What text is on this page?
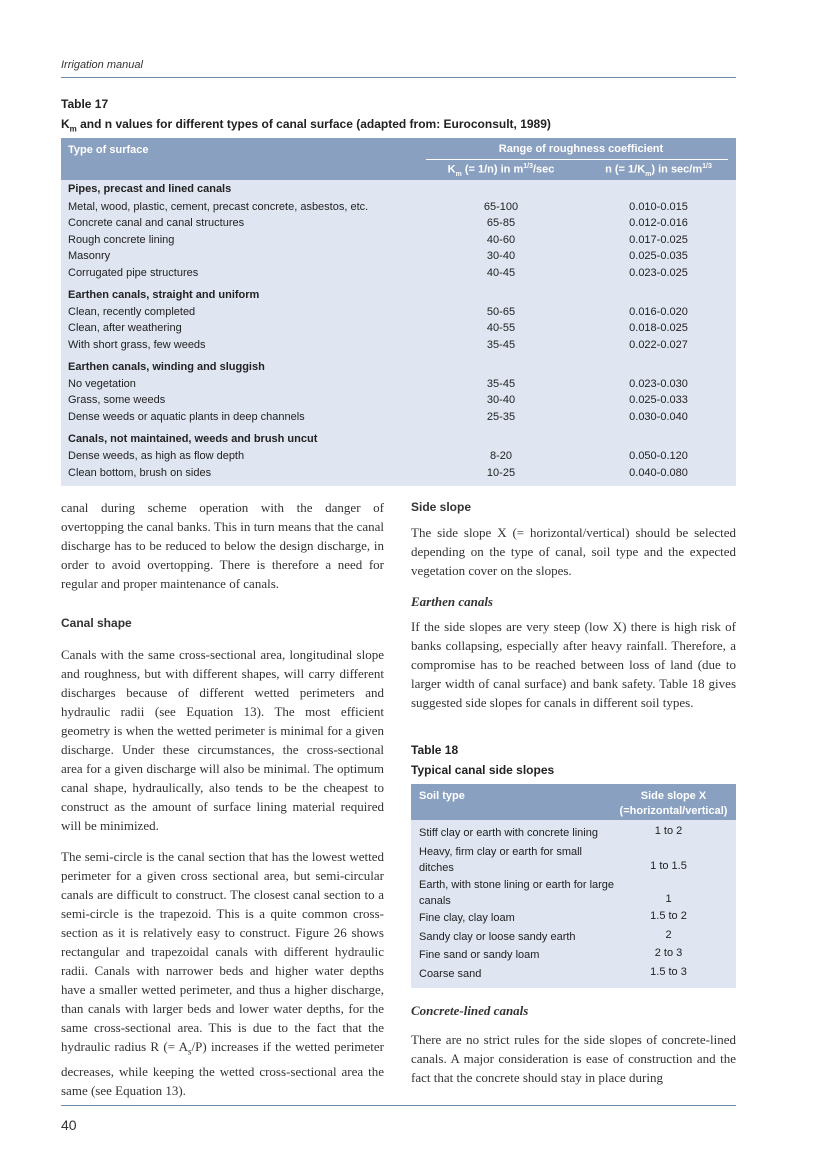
Irrigation manual
Table 17
$K_m$ and n values for different types of canal surface (adapted from: Euroconsult, 1989)
Type of surface	Range of roughness coefficient
$K_m$ (= 1/n) in $m^{1/3}/\sec$	n (= $1/K_m$) in $\sec/m^{1/3}$
Pipes, precast and lined canals
Metal, wood, plastic, cement, precast concrete, asbestos, etc.	65-100	0.010-0.015
Concrete canal and canal structures	65-85	0.012-0.016
Rough concrete lining	40-60	0.017-0.025
Masonry	30-40	0.025-0.035
Corrugated pipe structures	40-45	0.023-0.025
Earthen canals, straight and uniform
Clean, recently completed	50-65	0.016-0.020
Clean, after weathering	40-55	0.018-0.025
With short grass, few weeds	35-45	0.022-0.027
Earthen canals, winding and sluggish
No vegetation	35-45	0.023-0.030
Grass, some weeds	30-40	0.025-0.033
Dense weeds or aquatic plants in deep channels	25-35	0.030-0.040
Canals, not maintained, weeds and brush uncut
Dense weeds, as high as flow depth	8-20	0.050-0.120
Clean bottom, brush on sides	10-25	0.040-0.080

canal during scheme operation with the danger of overtopping the canal banks. This in turn means that the canal discharge has to be reduced to below the design discharge, in order to avoid overtopping. There is therefore a need for regular and proper maintenance of canals.

Canal shape

Canals with the same cross-sectional area, longitudinal slope and roughness, but with different shapes, will carry different discharges because of different wetted perimeters and hydraulic radii (see Equation 13). The most efficient geometry is when the wetted perimeter is minimal for a given discharge. Under these circumstances, the cross-sectional area for a given discharge will also be minimal. The optimum canal shape, hydraulically, also tends to be the cheapest to construct as the amount of surface lining material required will be minimized.

The semi-circle is the canal section that has the lowest wetted perimeter for a given cross sectional area, but semi-circular canals are difficult to construct. The closest canal section to a semi-circle is the trapezoid. This is a quite common cross-section as it is relatively easy to construct. Figure 26 shows rectangular and trapezoidal canals with different hydraulic radii. Canals with narrower beds and higher water depths have a smaller wetted perimeter, and thus a higher discharge, than canals with larger beds and lower water depths, for the same cross-sectional area. This is due to the fact that the hydraulic radius R (= $A_s/P$) increases if the wetted perimeter decreases, while keeping the wetted cross-sectional area the same (see Equation 13).

Side slope

The side slope X (= horizontal/vertical) should be selected depending on the type of canal, soil type and the expected vegetation cover on the slopes.

Earthen canals

If the side slopes are very steep (low X) there is high risk of banks collapsing, especially after heavy rainfall. Therefore, a compromise has to be reached between loss of land (due to larger width of canal surface) and bank safety. Table 18 gives suggested side slopes for canals in different soil types.

Table 18
Typical canal side slopes
Soil type	Side slope X
(=horizontal/vertical)
Stiff clay or earth with concrete lining	1 to 2
Heavy, firm clay or earth for small ditches	1 to 1.5
Earth, with stone lining or earth for large canals	1
Fine clay, clay loam	1.5 to 2
Sandy clay or loose sandy earth	2
Fine sand or sandy loam	2 to 3
Coarse sand	1.5 to 3

Concrete-lined canals

There are no strict rules for the side slopes of concrete-lined canals. A major consideration is ease of construction and the fact that the concrete should stay in place during

40
